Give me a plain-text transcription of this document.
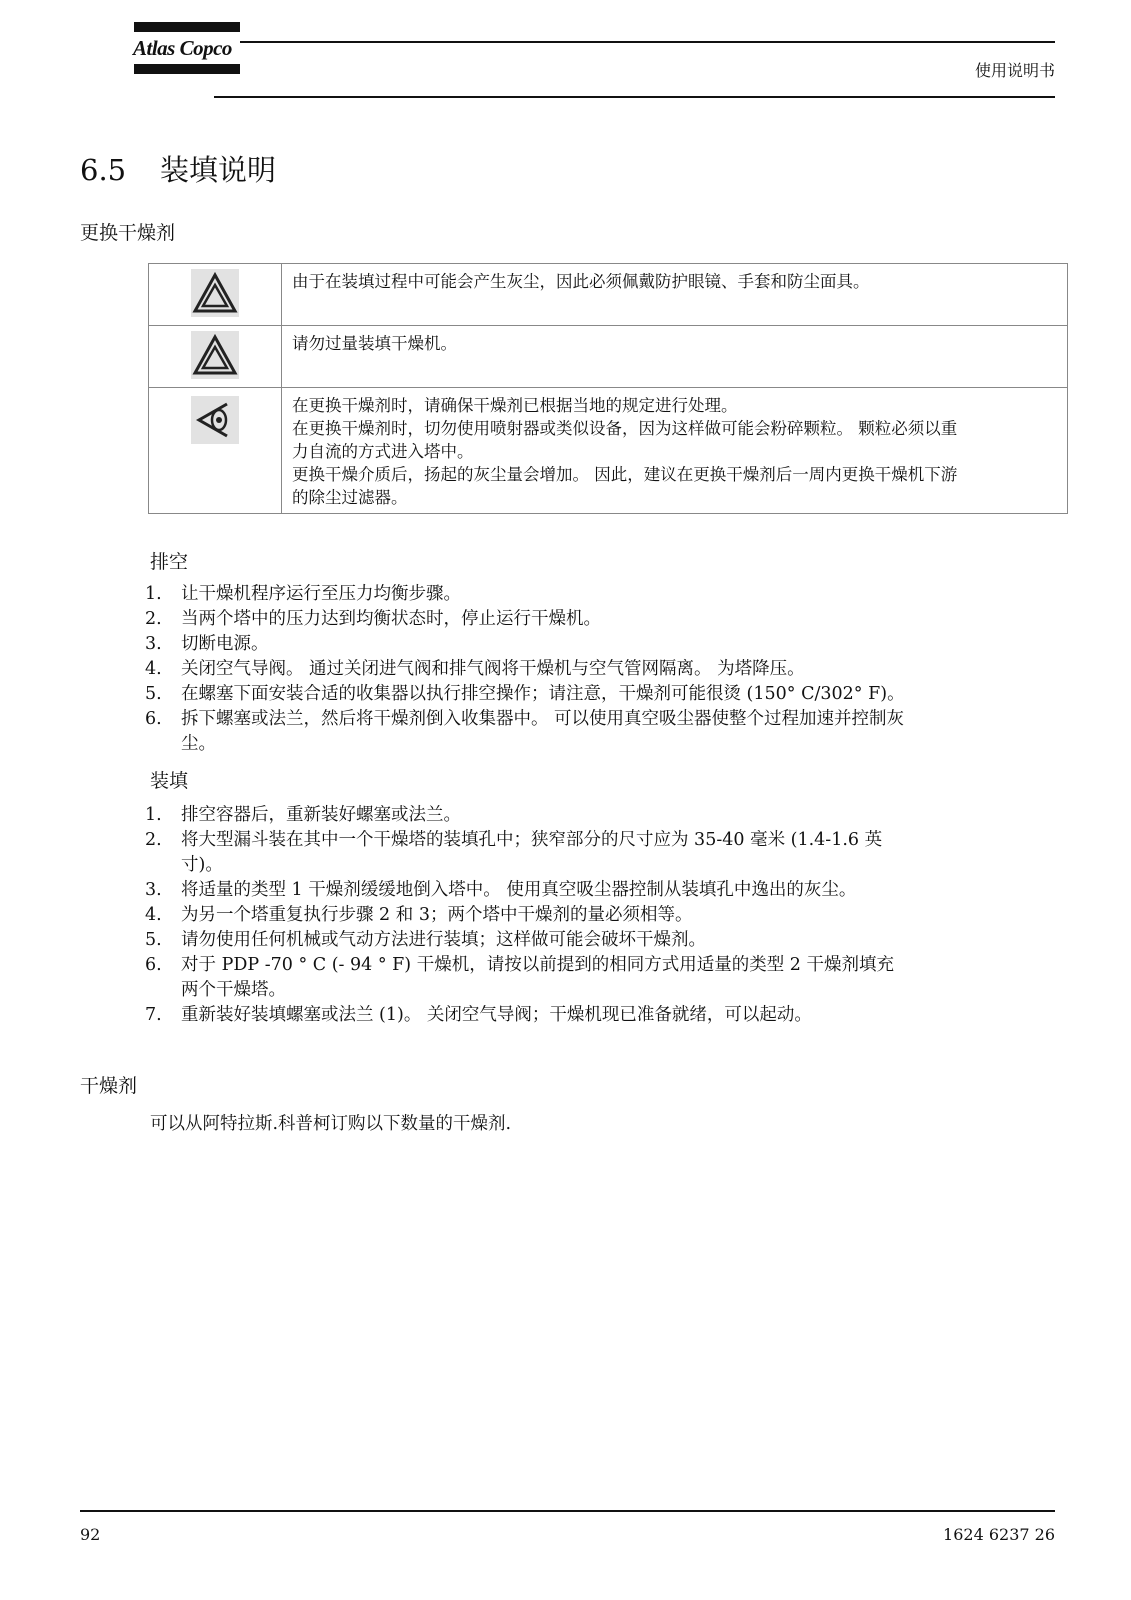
Atlas Copco
使用说明书
6.5 装填说明
更换干燥剂

由于在装填过程中可能会产生灰尘，因此必须佩戴防护眼镜、手套和防尘面具。

请勿过量装填干燥机。

在更换干燥剂时，请确保干燥剂已根据当地的规定进行处理。
在更换干燥剂时，切勿使用喷射器或类似设备，因为这样做可能会粉碎颗粒。 颗粒必须以重
力自流的方式进入塔中。
更换干燥介质后，扬起的灰尘量会增加。 因此，建议在更换干燥剂后一周内更换干燥机下游
的除尘过滤器。
排空
1. 让干燥机程序运行至压力均衡步骤。
2. 当两个塔中的压力达到均衡状态时，停止运行干燥机。
3. 切断电源。
4. 关闭空气导阀。 通过关闭进气阀和排气阀将干燥机与空气管网隔离。 为塔降压。
5. 在螺塞下面安装合适的收集器以执行排空操作；请注意，干燥剂可能很烫 (150° C/302° F)。
6. 拆下螺塞或法兰，然后将干燥剂倒入收集器中。 可以使用真空吸尘器使整个过程加速并控制灰
尘。
装填
1. 排空容器后，重新装好螺塞或法兰。
2. 将大型漏斗装在其中一个干燥塔的装填孔中；狭窄部分的尺寸应为 35-40 毫米 (1.4-1.6 英
寸)。
3. 将适量的类型 1 干燥剂缓缓地倒入塔中。 使用真空吸尘器控制从装填孔中逸出的灰尘。
4. 为另一个塔重复执行步骤 2 和 3；两个塔中干燥剂的量必须相等。
5. 请勿使用任何机械或气动方法进行装填；这样做可能会破坏干燥剂。
6. 对于 PDP -70 ° C (- 94 ° F) 干燥机，请按以前提到的相同方式用适量的类型 2 干燥剂填充
两个干燥塔。
7. 重新装好装填螺塞或法兰 (1)。 关闭空气导阀；干燥机现已准备就绪，可以起动。
干燥剂
可以从阿特拉斯.科普柯订购以下数量的干燥剂.
92	1624 6237 26
